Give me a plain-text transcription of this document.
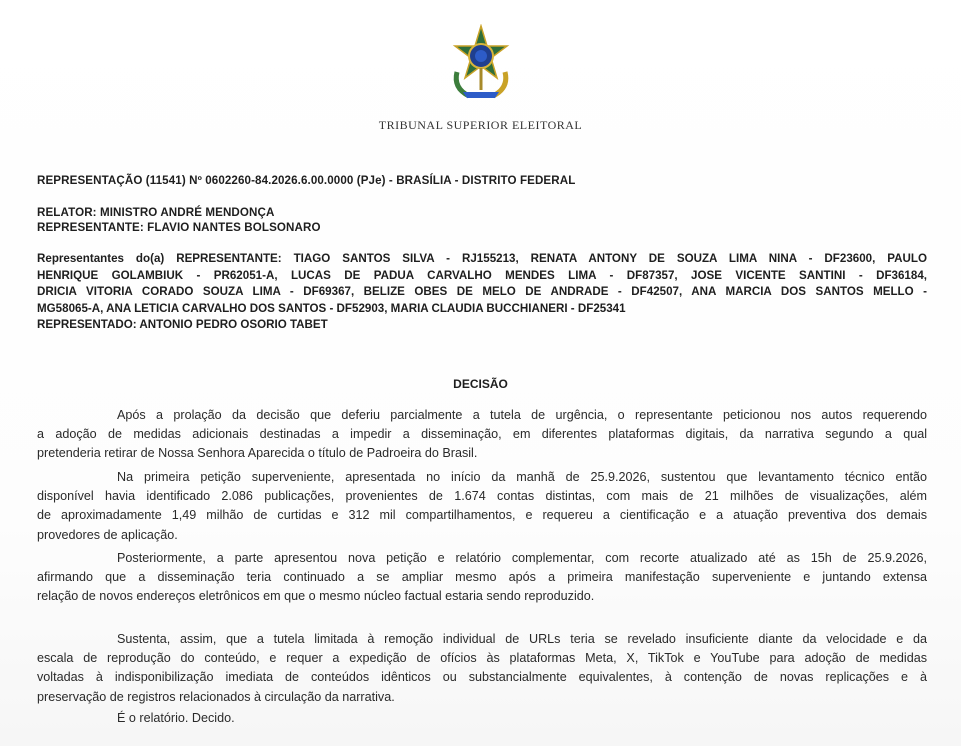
TRIBUNAL SUPERIOR ELEITORAL
REPRESENTAÇÃO (11541) Nº 0602260-84.2026.6.00.0000 (PJe) - BRASÍLIA - DISTRITO FEDERAL
RELATOR: MINISTRO ANDRÉ MENDONÇA
REPRESENTANTE: FLAVIO NANTES BOLSONARO
Representantes do(a) REPRESENTANTE: TIAGO SANTOS SILVA - RJ155213, RENATA ANTONY DE SOUZA LIMA NINA - DF23600, PAULO
HENRIQUE GOLAMBIUK - PR62051-A, LUCAS DE PADUA CARVALHO MENDES LIMA - DF87357, JOSE VICENTE SANTINI - DF36184,
DRICIA VITORIA CORADO SOUZA LIMA - DF69367, BELIZE OBES DE MELO DE ANDRADE - DF42507, ANA MARCIA DOS SANTOS MELLO -
MG58065-A, ANA LETICIA CARVALHO DOS SANTOS - DF52903, MARIA CLAUDIA BUCCHIANERI - DF25341
REPRESENTADO: ANTONIO PEDRO OSORIO TABET
DECISÃO
Após a prolação da decisão que deferiu parcialmente a tutela de urgência, o representante peticionou nos autos requerendo
a adoção de medidas adicionais destinadas a impedir a disseminação, em diferentes plataformas digitais, da narrativa segundo a qual
pretenderia retirar de Nossa Senhora Aparecida o título de Padroeira do Brasil.
Na primeira petição superveniente, apresentada no início da manhã de 25.9.2026, sustentou que levantamento técnico então
disponível havia identificado 2.086 publicações, provenientes de 1.674 contas distintas, com mais de 21 milhões de visualizações, além
de aproximadamente 1,49 milhão de curtidas e 312 mil compartilhamentos, e requereu a cientificação e a atuação preventiva dos demais
provedores de aplicação.
Posteriormente, a parte apresentou nova petição e relatório complementar, com recorte atualizado até as 15h de 25.9.2026,
afirmando que a disseminação teria continuado a se ampliar mesmo após a primeira manifestação superveniente e juntando extensa
relação de novos endereços eletrônicos em que o mesmo núcleo factual estaria sendo reproduzido.
Sustenta, assim, que a tutela limitada à remoção individual de URLs teria se revelado insuficiente diante da velocidade e da
escala de reprodução do conteúdo, e requer a expedição de ofícios às plataformas Meta, X, TikTok e YouTube para adoção de medidas
voltadas à indisponibilização imediata de conteúdos idênticos ou substancialmente equivalentes, à contenção de novas replicações e à
preservação de registros relacionados à circulação da narrativa.
É o relatório. Decido.
